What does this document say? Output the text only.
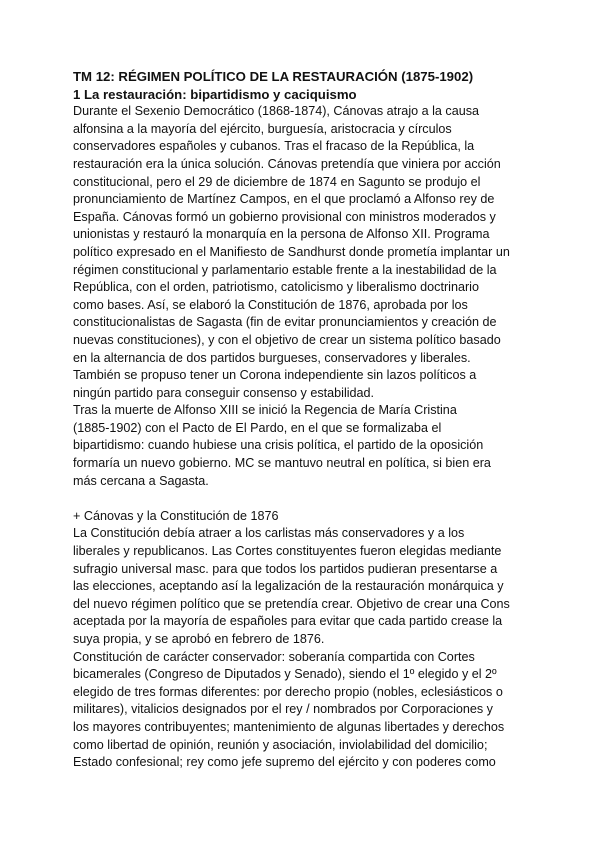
TM 12: RÉGIMEN POLÍTICO DE LA RESTAURACIÓN (1875-1902)
1 La restauración: bipartidismo y caciquismo
Durante el Sexenio Democrático (1868-1874), Cánovas atrajo a la causa
alfonsina a la mayoría del ejército, burguesía, aristocracia y círculos
conservadores españoles y cubanos. Tras el fracaso de la República, la
restauración era la única solución. Cánovas pretendía que viniera por acción
constitucional, pero el 29 de diciembre de 1874 en Sagunto se produjo el
pronunciamiento de Martínez Campos, en el que proclamó a Alfonso rey de
España. Cánovas formó un gobierno provisional con ministros moderados y
unionistas y restauró la monarquía en la persona de Alfonso XII. Programa
político expresado en el Manifiesto de Sandhurst donde prometía implantar un
régimen constitucional y parlamentario estable frente a la inestabilidad de la
República, con el orden, patriotismo, catolicismo y liberalismo doctrinario
como bases. Así, se elaboró la Constitución de 1876, aprobada por los
constitucionalistas de Sagasta (fin de evitar pronunciamientos y creación de
nuevas constituciones), y con el objetivo de crear un sistema político basado
en la alternancia de dos partidos burgueses, conservadores y liberales.
También se propuso tener un Corona independiente sin lazos políticos a
ningún partido para conseguir consenso y estabilidad.
Tras la muerte de Alfonso XIII se inició la Regencia de María Cristina
(1885-1902) con el Pacto de El Pardo, en el que se formalizaba el
bipartidismo: cuando hubiese una crisis política, el partido de la oposición
formaría un nuevo gobierno. MC se mantuvo neutral en política, si bien era
más cercana a Sagasta.
+ Cánovas y la Constitución de 1876
La Constitución debía atraer a los carlistas más conservadores y a los
liberales y republicanos. Las Cortes constituyentes fueron elegidas mediante
sufragio universal masc. para que todos los partidos pudieran presentarse a
las elecciones, aceptando así la legalización de la restauración monárquica y
del nuevo régimen político que se pretendía crear. Objetivo de crear una Cons
aceptada por la mayoría de españoles para evitar que cada partido crease la
suya propia, y se aprobó en febrero de 1876.
Constitución de carácter conservador: soberanía compartida con Cortes
bicamerales (Congreso de Diputados y Senado), siendo el 1º elegido y el 2º
elegido de tres formas diferentes: por derecho propio (nobles, eclesiásticos o
militares), vitalicios designados por el rey / nombrados por Corporaciones y
los mayores contribuyentes; mantenimiento de algunas libertades y derechos
como libertad de opinión, reunión y asociación, inviolabilidad del domicilio;
Estado confesional; rey como jefe supremo del ejército y con poderes como
